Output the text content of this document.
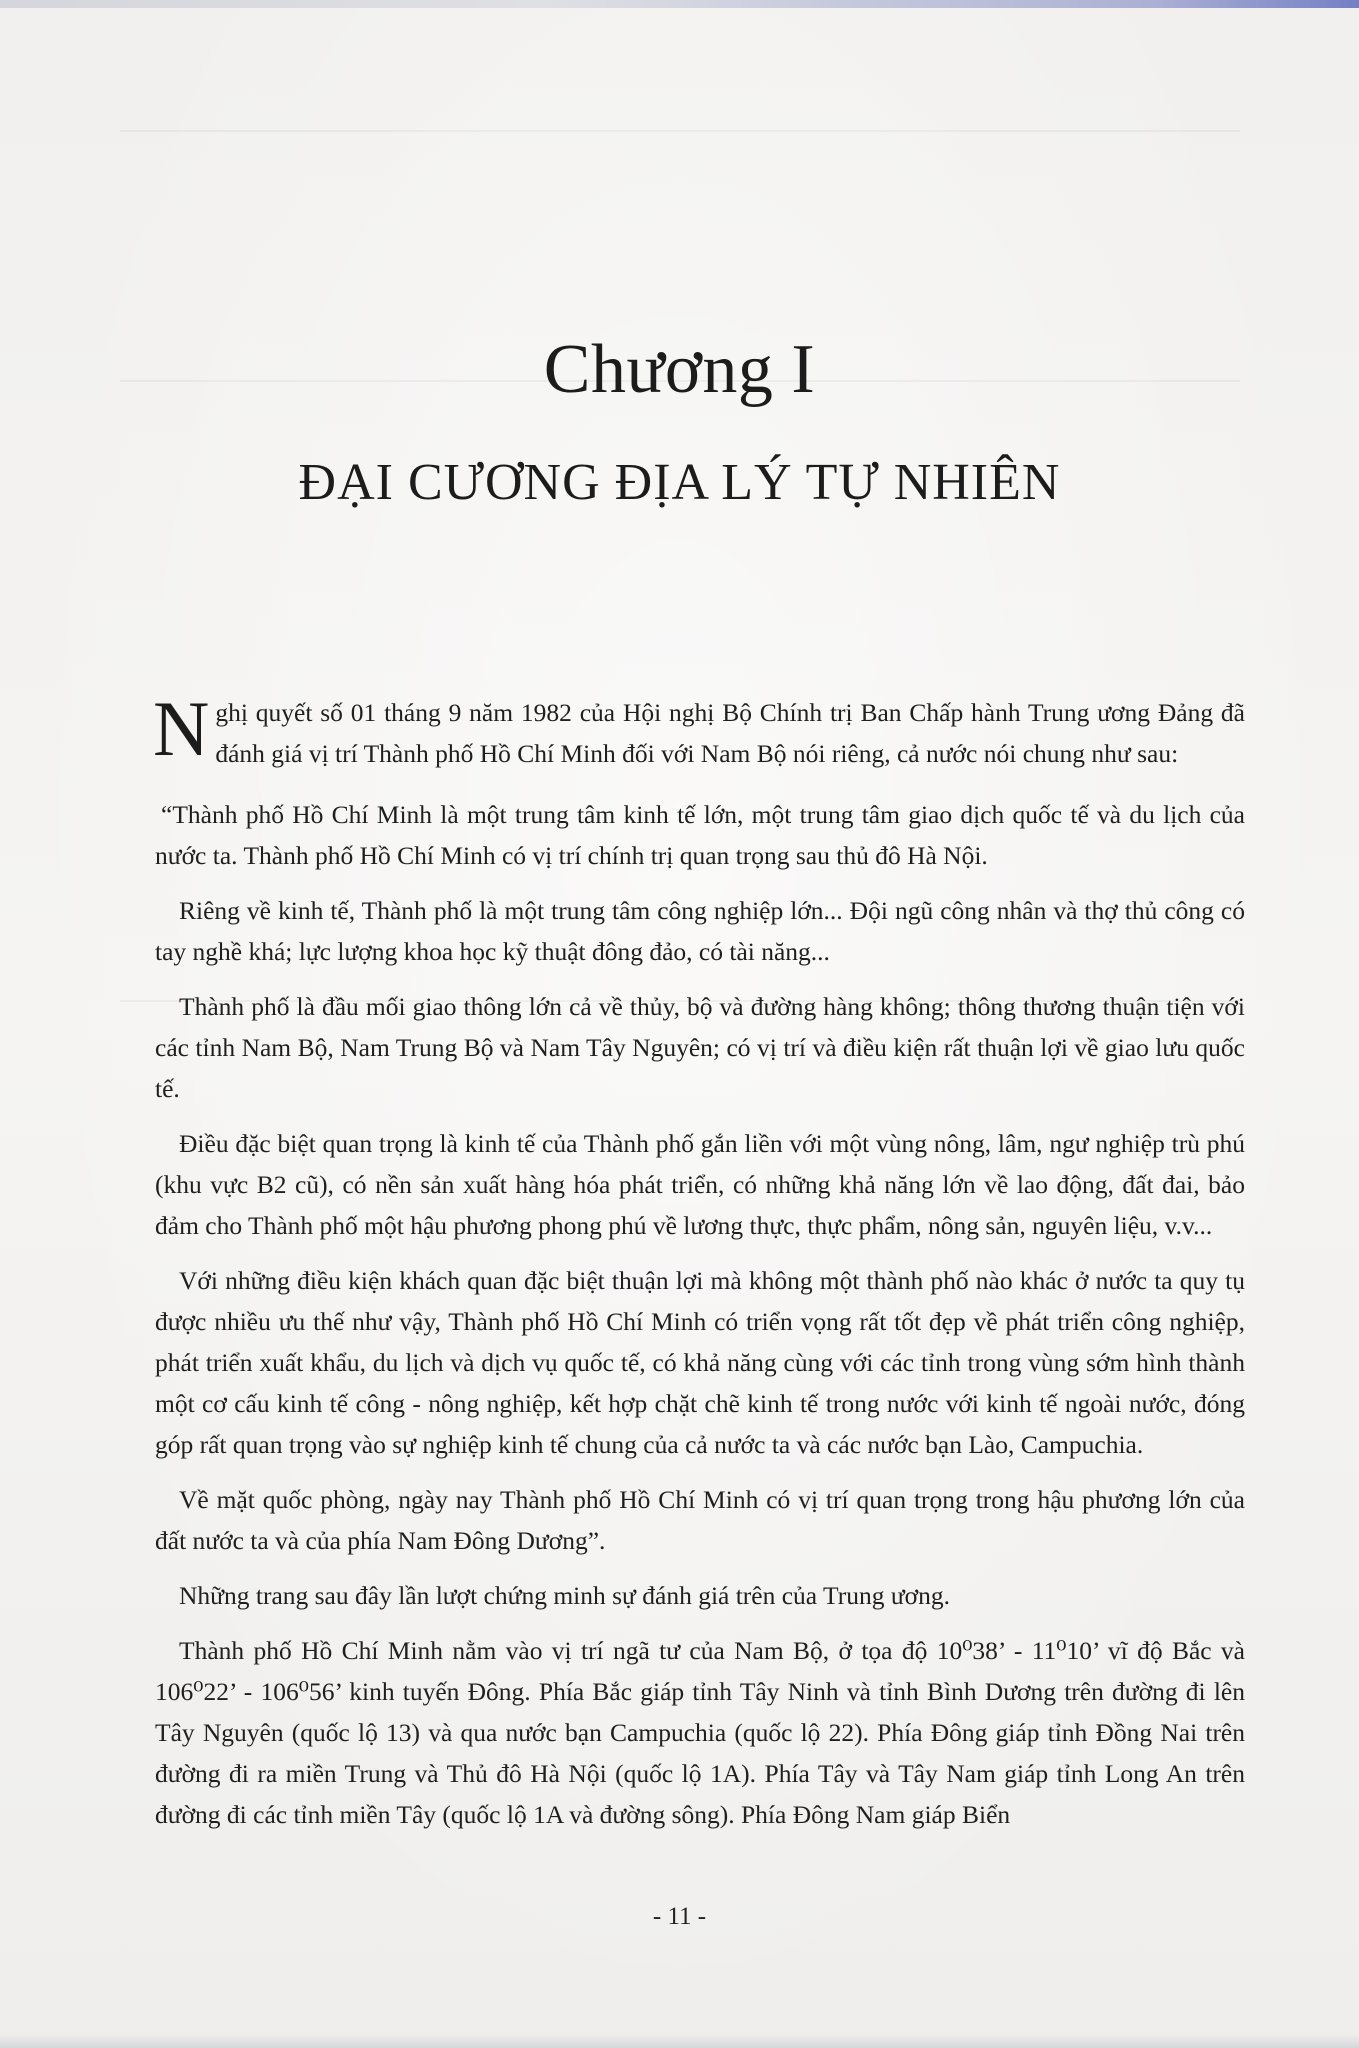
Chương I
ĐẠI CƯƠNG ĐỊA LÝ TỰ NHIÊN

Nghị quyết số 01 tháng 9 năm 1982 của Hội nghị Bộ Chính trị Ban Chấp hành Trung ương Đảng đã đánh giá vị trí Thành phố Hồ Chí Minh đối với Nam Bộ nói riêng, cả nước nói chung như sau:

“Thành phố Hồ Chí Minh là một trung tâm kinh tế lớn, một trung tâm giao dịch quốc tế và du lịch của nước ta. Thành phố Hồ Chí Minh có vị trí chính trị quan trọng sau thủ đô Hà Nội.

Riêng về kinh tế, Thành phố là một trung tâm công nghiệp lớn... Đội ngũ công nhân và thợ thủ công có tay nghề khá; lực lượng khoa học kỹ thuật đông đảo, có tài năng...

Thành phố là đầu mối giao thông lớn cả về thủy, bộ và đường hàng không; thông thương thuận tiện với các tỉnh Nam Bộ, Nam Trung Bộ và Nam Tây Nguyên; có vị trí và điều kiện rất thuận lợi về giao lưu quốc tế.

Điều đặc biệt quan trọng là kinh tế của Thành phố gắn liền với một vùng nông, lâm, ngư nghiệp trù phú (khu vực B2 cũ), có nền sản xuất hàng hóa phát triển, có những khả năng lớn về lao động, đất đai, bảo đảm cho Thành phố một hậu phương phong phú về lương thực, thực phẩm, nông sản, nguyên liệu, v.v...

Với những điều kiện khách quan đặc biệt thuận lợi mà không một thành phố nào khác ở nước ta quy tụ được nhiều ưu thế như vậy, Thành phố Hồ Chí Minh có triển vọng rất tốt đẹp về phát triển công nghiệp, phát triển xuất khẩu, du lịch và dịch vụ quốc tế, có khả năng cùng với các tỉnh trong vùng sớm hình thành một cơ cấu kinh tế công - nông nghiệp, kết hợp chặt chẽ kinh tế trong nước với kinh tế ngoài nước, đóng góp rất quan trọng vào sự nghiệp kinh tế chung của cả nước ta và các nước bạn Lào, Campuchia.

Về mặt quốc phòng, ngày nay Thành phố Hồ Chí Minh có vị trí quan trọng trong hậu phương lớn của đất nước ta và của phía Nam Đông Dương”.

Những trang sau đây lần lượt chứng minh sự đánh giá trên của Trung ương.

Thành phố Hồ Chí Minh nằm vào vị trí ngã tư của Nam Bộ, ở tọa độ 10⁰38’ - 11⁰10’ vĩ độ Bắc và 106⁰22’ - 106⁰56’ kinh tuyến Đông. Phía Bắc giáp tỉnh Tây Ninh và tỉnh Bình Dương trên đường đi lên Tây Nguyên (quốc lộ 13) và qua nước bạn Campuchia (quốc lộ 22). Phía Đông giáp tỉnh Đồng Nai trên đường đi ra miền Trung và Thủ đô Hà Nội (quốc lộ 1A). Phía Tây và Tây Nam giáp tỉnh Long An trên đường đi các tỉnh miền Tây (quốc lộ 1A và đường sông). Phía Đông Nam giáp Biển

- 11 -
